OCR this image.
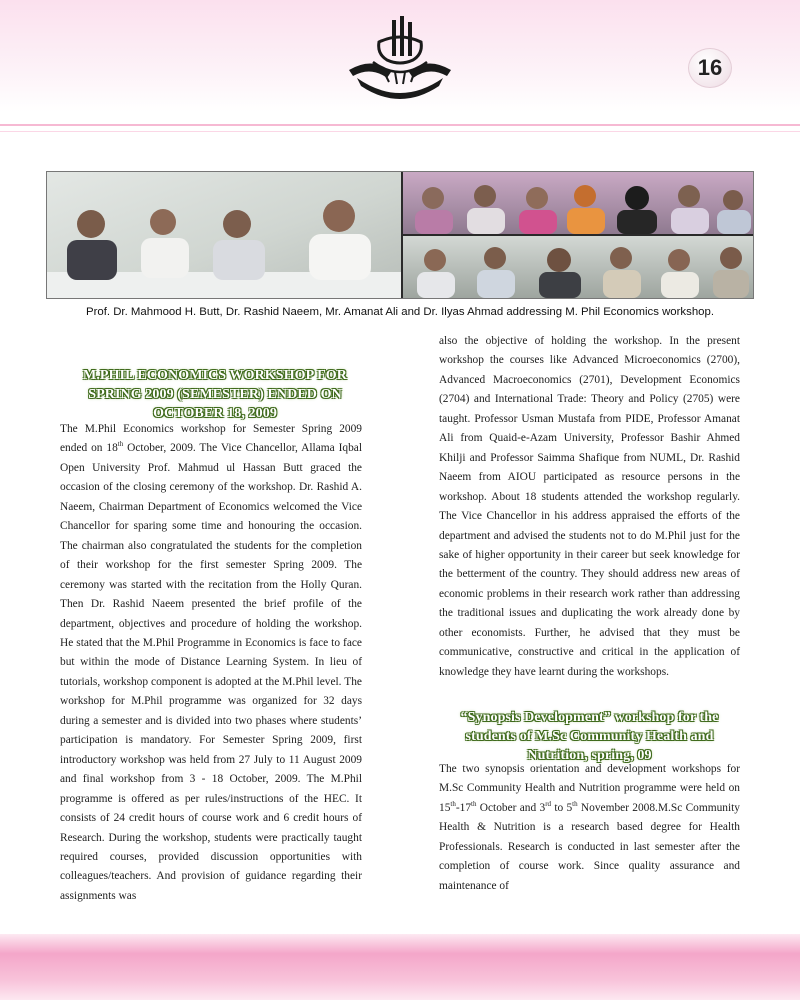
16
Prof. Dr. Mahmood H. Butt, Dr. Rashid Naeem, Mr. Amanat Ali and Dr. Ilyas Ahmad addressing M. Phil Economics workshop.
M.PHIL ECONOMICS WORKSHOP FOR
SPRING 2009 (SEMESTER) ENDED ON
OCTOBER 18, 2009

The M.Phil Economics workshop for Semester Spring 2009 ended on 18th October, 2009. The Vice Chancellor, Allama Iqbal Open University Prof. Mahmud ul Hassan Butt graced the occasion of the closing ceremony of the workshop. Dr. Rashid A. Naeem, Chairman Department of Economics welcomed the Vice Chancellor for sparing some time and honouring the occasion. The chairman also congratulated the students for the completion of their workshop for the first semester Spring 2009. The ceremony was started with the recitation from the Holly Quran. Then Dr. Rashid Naeem presented the brief profile of the department, objectives and procedure of holding the workshop. He stated that the M.Phil Programme in Economics is face to face but within the mode of Distance Learning System. In lieu of tutorials, workshop component is adopted at the M.Phil level. The workshop for M.Phil programme was organized for 32 days during a semester and is divided into two phases where students’ participation is mandatory. For Semester Spring 2009, first introductory workshop was held from 27 July to 11 August 2009 and final workshop from 3 - 18 October, 2009. The M.Phil programme is offered as per rules/instructions of the HEC. It consists of 24 credit hours of course work and 6 credit hours of Research. During the workshop, students were practically taught required courses, provided discussion opportunities with colleagues/teachers. And provision of guidance regarding their assignments was

also the objective of holding the workshop. In the present workshop the courses like Advanced Microeconomics (2700), Advanced Macroeconomics (2701), Development Economics (2704) and International Trade: Theory and Policy (2705) were taught. Professor Usman Mustafa from PIDE, Professor Amanat Ali from Quaid-e-Azam University, Professor Bashir Ahmed Khilji and Professor Saimma Shafique from NUML, Dr. Rashid Naeem from AIOU participated as resource persons in the workshop. About 18 students attended the workshop regularly. The Vice Chancellor in his address appraised the efforts of the department and advised the students not to do M.Phil just for the sake of higher opportunity in their career but seek knowledge for the betterment of the country. They should address new areas of economic problems in their research work rather than addressing the traditional issues and duplicating the work already done by other economists. Further, he advised that they must be communicative, constructive and critical in the application of knowledge they have learnt during the workshops.

“Synopsis Development” workshop for the
students of M.Sc Community Health and
Nutrition, spring, 09

The two synopsis orientation and development workshops for M.Sc Community Health and Nutrition programme were held on 15th-17th October and 3rd to 5th November 2008.M.Sc Community Health & Nutrition is a research based degree for Health Professionals. Research is conducted in last semester after the completion of course work. Since quality assurance and maintenance of
